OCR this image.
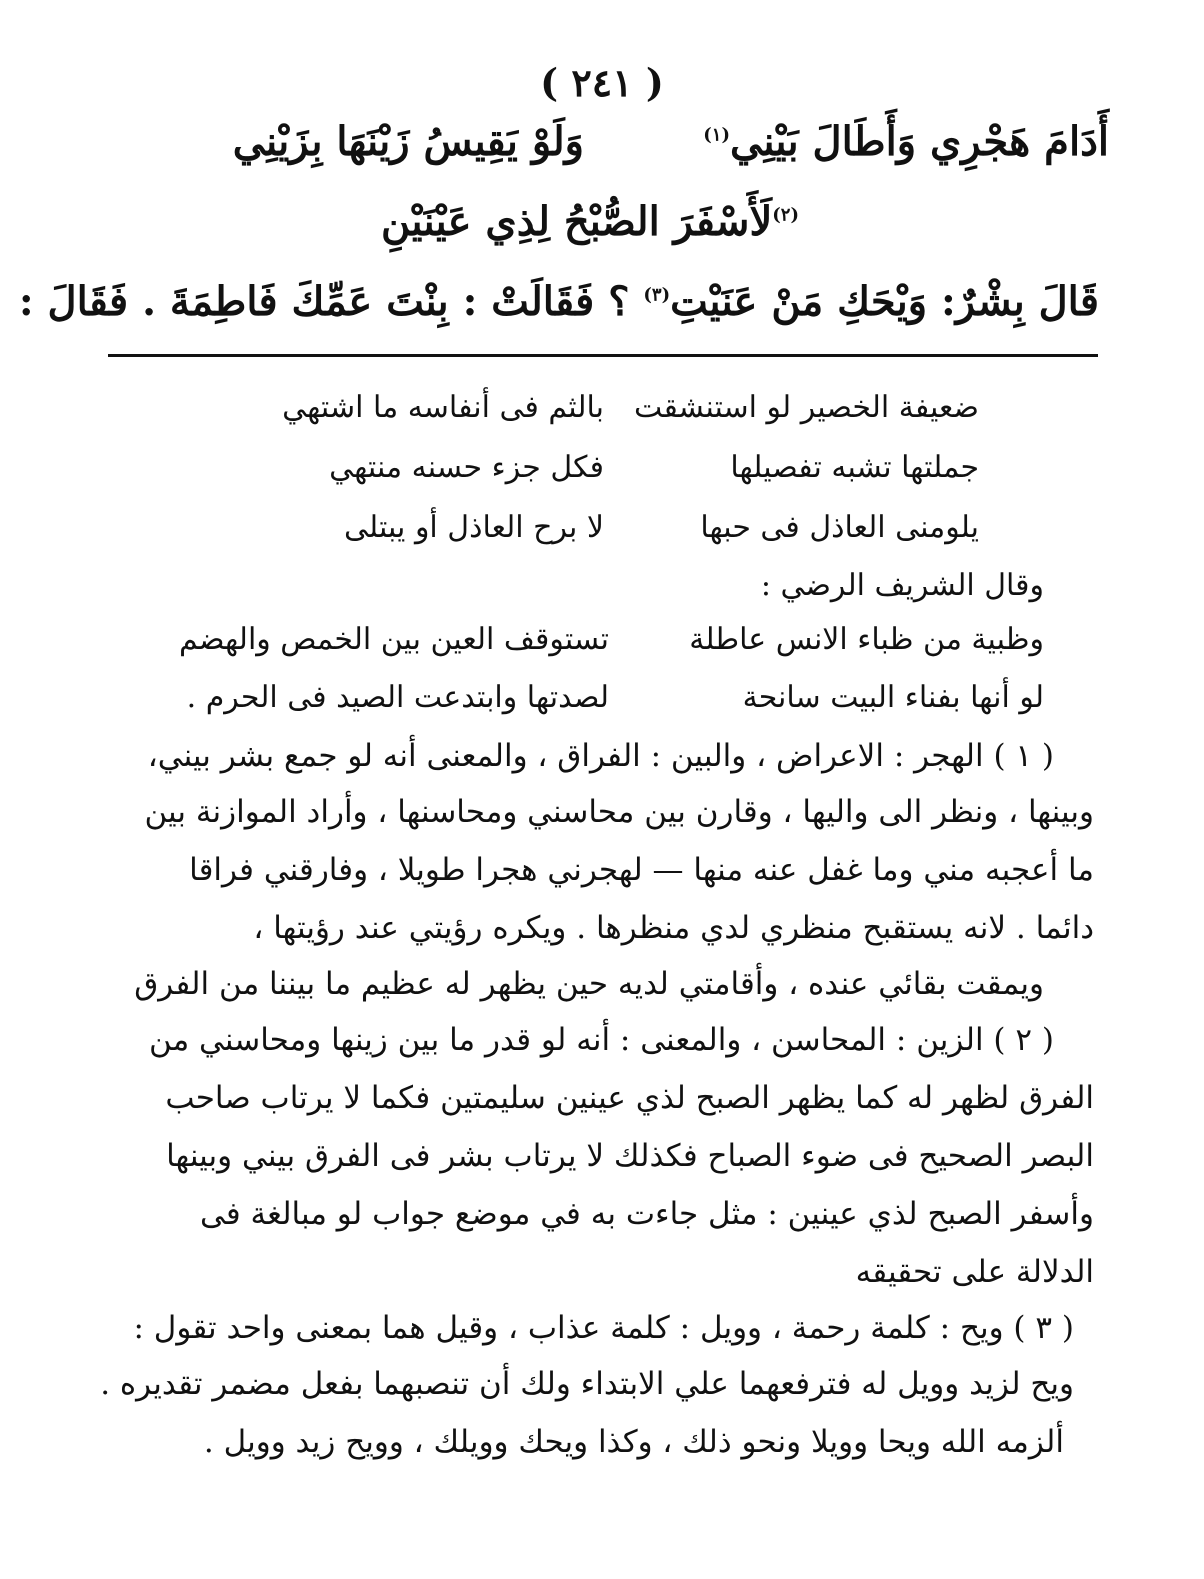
( ٢٤١ )
أَدَامَ هَجْرِي وَأَطَالَ بَيْنِي$^{(١)}$
وَلَوْ يَقِيسُ زَيْنَهَا بِزَيْنِي
$^{(٢)}$لَأَسْفَرَ الصُّبْحُ لِذِي عَيْنَيْنِ
قَالَ بِشْرٌ: وَيْحَكِ مَنْ عَنَيْتِ$^{(٣)}$ ؟ فَقَالَتْ : بِنْتَ عَمِّكَ فَاطِمَةَ . فَقَالَ :
ضعيفة الخصير لو استنشقت
بالثم فى أنفاسه ما اشتهي
جملتها تشبه تفصيلها
فكل جزء حسنه منتهي
يلومنى العاذل فى حبها
لا برح العاذل أو يبتلى
وقال الشريف الرضي :
وظبية من ظباء الانس عاطلة
تستوقف العين بين الخمص والهضم
لو أنها بفناء البيت سانحة
لصدتها وابتدعت الصيد فى الحرم .
( ١ ) الهجر : الاعراض ، والبين : الفراق ، والمعنى أنه لو جمع بشر بيني،
وبينها ، ونظر الى واليها ، وقارن بين محاسني ومحاسنها ، وأراد الموازنة بين
ما أعجبه مني وما غفل عنه منها — لهجرني هجرا طويلا ، وفارقني فراقا
دائما . لانه يستقبح منظري لدي منظرها . ويكره رؤيتي عند رؤيتها ،
ويمقت بقائي عنده ، وأقامتي لديه حين يظهر له عظيم ما بيننا من الفرق
( ٢ ) الزين : المحاسن ، والمعنى : أنه لو قدر ما بين زينها ومحاسني من
الفرق لظهر له كما يظهر الصبح لذي عينين سليمتين فكما لا يرتاب صاحب
البصر الصحيح فى ضوء الصباح فكذلك لا يرتاب بشر فى الفرق بيني وبينها
وأسفر الصبح لذي عينين : مثل جاءت به في موضع جواب لو مبالغة فى
الدلالة على تحقيقه
( ٣ ) ويح : كلمة رحمة ، وويل : كلمة عذاب ، وقيل هما بمعنى واحد تقول :
ويح لزيد وويل له فترفعهما علي الابتداء ولك أن تنصبهما بفعل مضمر تقديره .
ألزمه الله ويحا وويلا ونحو ذلك ، وكذا ويحك وويلك ، وويح زيد وويل .
